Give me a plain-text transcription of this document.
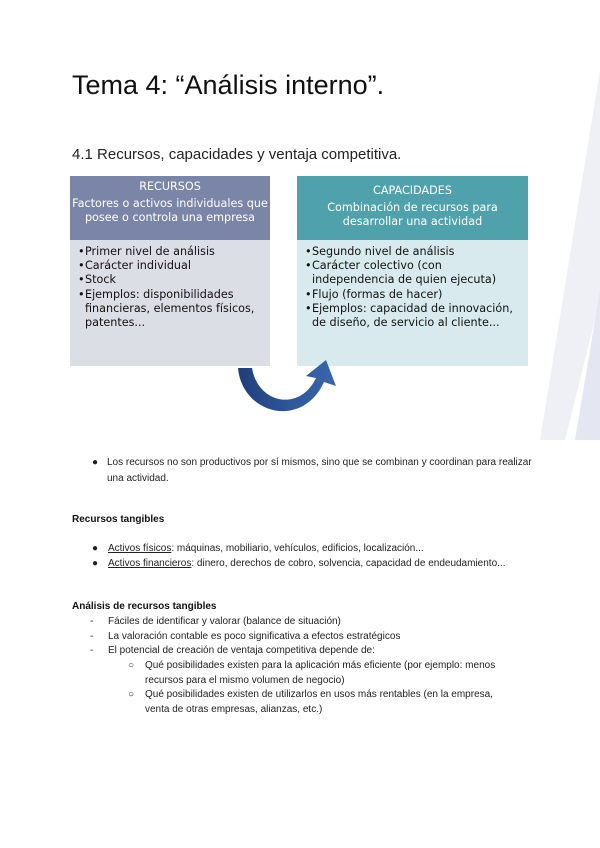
Tema 4: “Análisis interno”.
4.1 Recursos, capacidades y ventaja competitiva.
RECURSOS
Factores o activos individuales que posee o controla una empresa
• Primer nivel de análisis
• Carácter individual
• Stock
• Ejemplos: disponibilidades financieras, elementos físicos, patentes...
CAPACIDADES
Combinación de recursos para desarrollar una actividad
• Segundo nivel de análisis
• Carácter colectivo (con independencia de quien ejecuta)
• Flujo (formas de hacer)
• Ejemplos: capacidad de innovación, de diseño, de servicio al cliente...
● Los recursos no son productivos por sí mismos, sino que se combinan y coordinan para realizar una actividad.
Recursos tangibles
● Activos físicos: máquinas, mobiliario, vehículos, edificios, localización...
● Activos financieros: dinero, derechos de cobro, solvencia, capacidad de endeudamiento...
Análisis de recursos tangibles
-	Fáciles de identificar y valorar (balance de situación)
-	La valoración contable es poco significativa a efectos estratégicos
-	El potencial de creación de ventaja competitiva depende de:
○	Qué posibilidades existen para la aplicación más eficiente (por ejemplo: menos recursos para el mismo volumen de negocio)
○	Qué posibilidades existen de utilizarlos en usos más rentables (en la empresa, venta de otras empresas, alianzas, etc.)
